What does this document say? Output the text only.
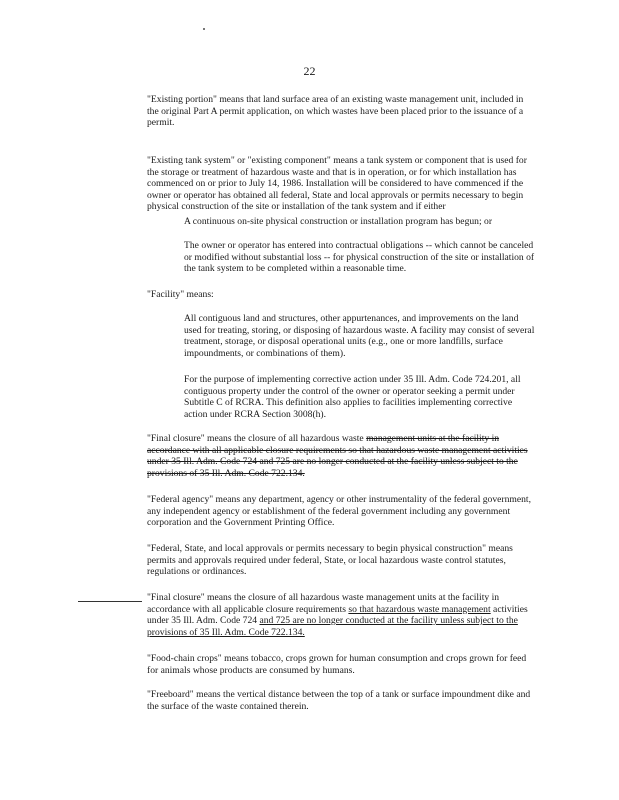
22

"Existing portion" means that land surface area of an existing waste management unit, included in the original Part A permit application, on which wastes have been placed prior to the issuance of a permit.

"Existing tank system" or "existing component" means a tank system or component that is used for the storage or treatment of hazardous waste and that is in operation, or for which installation has commenced on or prior to July 14, 1986. Installation will be considered to have commenced if the owner or operator has obtained all federal, State and local approvals or permits necessary to begin physical construction of the site or installation of the tank system and if either

A continuous on-site physical construction or installation program has begun; or

The owner or operator has entered into contractual obligations -- which cannot be canceled or modified without substantial loss -- for physical construction of the site or installation of the tank system to be completed within a reasonable time.

"Facility" means:

All contiguous land and structures, other appurtenances, and improvements on the land used for treating, storing, or disposing of hazardous waste. A facility may consist of several treatment, storage, or disposal operational units (e.g., one or more landfills, surface impoundments, or combinations of them).

For the purpose of implementing corrective action under 35 Ill. Adm. Code 724.201, all contiguous property under the control of the owner or operator seeking a permit under Subtitle C of RCRA. This definition also applies to facilities implementing corrective action under RCRA Section 3008(h).

"Final closure" means the closure of all hazardous waste management units at the facility in accordance with all applicable closure requirements so that hazardous waste management activities under 35 Ill. Adm. Code 724 and 725 are no longer conducted at the facility unless subject to the provisions of 35 Ill. Adm. Code 722.134.

"Federal agency" means any department, agency or other instrumentality of the federal government, any independent agency or establishment of the federal government including any government corporation and the Government Printing Office.

"Federal, State, and local approvals or permits necessary to begin physical construction" means permits and approvals required under federal, State, or local hazardous waste control statutes, regulations or ordinances.

"Final closure" means the closure of all hazardous waste management units at the facility in accordance with all applicable closure requirements so that hazardous waste management activities under 35 Ill. Adm. Code 724 and 725 are no longer conducted at the facility unless subject to the provisions of 35 Ill. Adm. Code 722.134.

"Food-chain crops" means tobacco, crops grown for human consumption and crops grown for feed for animals whose products are consumed by humans.

"Freeboard" means the vertical distance between the top of a tank or surface impoundment dike and the surface of the waste contained therein.
